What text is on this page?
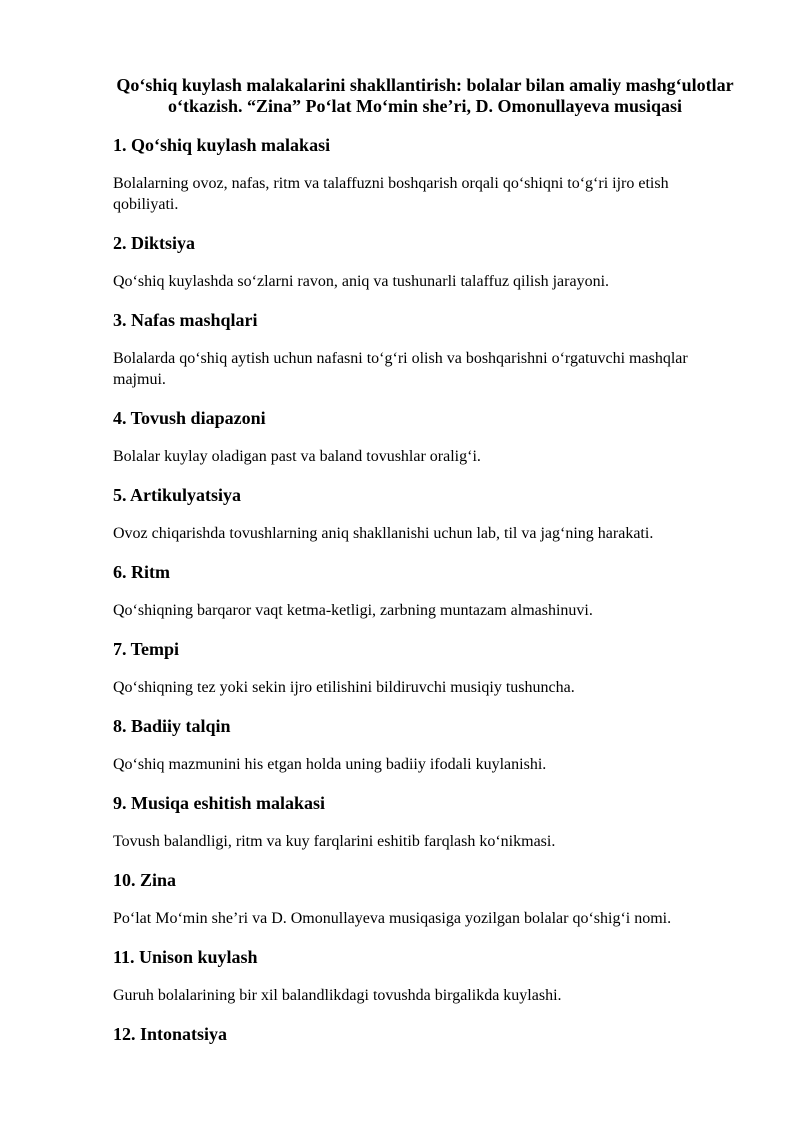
Qo‘shiq kuylash malakalarini shakllantirish: bolalar bilan amaliy mashg‘ulotlar o‘tkazish. “Zina” Po‘lat Mo‘min she’ri, D. Omonullayeva musiqasi
1. Qo‘shiq kuylash malakasi

Bolalarning ovoz, nafas, ritm va talaffuzni boshqarish orqali qo‘shiqni to‘g‘ri ijro etish qobiliyati.

2. Diktsiya

Qo‘shiq kuylashda so‘zlarni ravon, aniq va tushunarli talaffuz qilish jarayoni.

3. Nafas mashqlari

Bolalarda qo‘shiq aytish uchun nafasni to‘g‘ri olish va boshqarishni o‘rgatuvchi mashqlar majmui.

4. Tovush diapazoni

Bolalar kuylay oladigan past va baland tovushlar oralig‘i.

5. Artikulyatsiya

Ovoz chiqarishda tovushlarning aniq shakllanishi uchun lab, til va jag‘ning harakati.

6. Ritm

Qo‘shiqning barqaror vaqt ketma-ketligi, zarbning muntazam almashinuvi.

7. Tempi

Qo‘shiqning tez yoki sekin ijro etilishini bildiruvchi musiqiy tushuncha.

8. Badiiy talqin

Qo‘shiq mazmunini his etgan holda uning badiiy ifodali kuylanishi.

9. Musiqa eshitish malakasi

Tovush balandligi, ritm va kuy farqlarini eshitib farqlash ko‘nikmasi.

10. Zina

Po‘lat Mo‘min she’ri va D. Omonullayeva musiqasiga yozilgan bolalar qo‘shig‘i nomi.

11. Unison kuylash

Guruh bolalarining bir xil balandlikdagi tovushda birgalikda kuylashi.

12. Intonatsiya
